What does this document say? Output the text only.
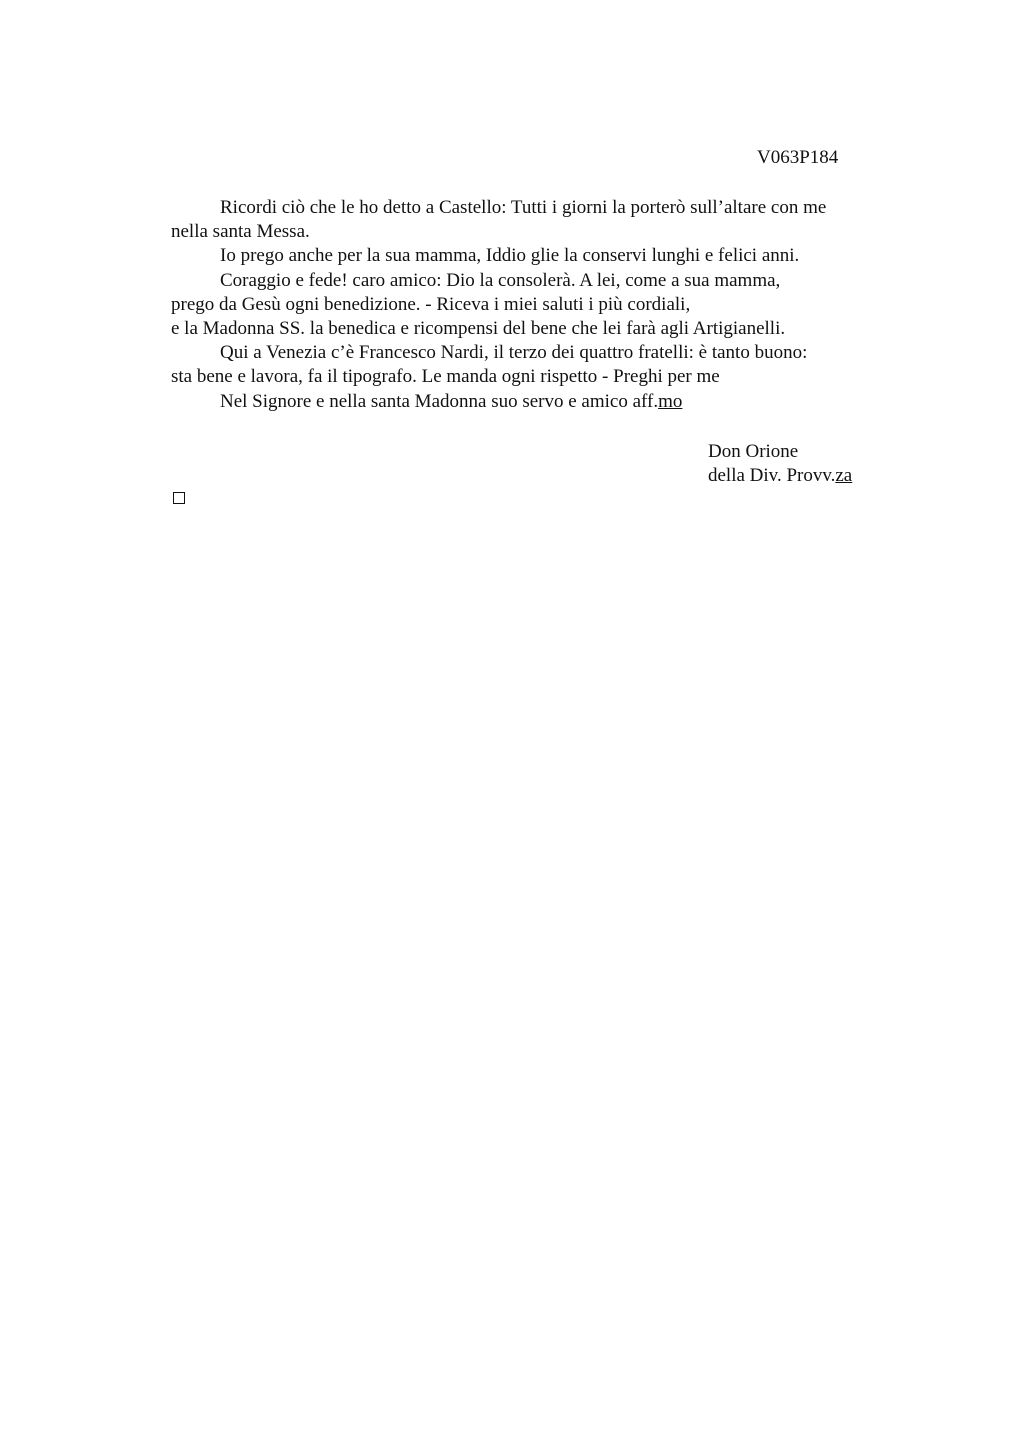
V063P184
Ricordi ciò che le ho detto a Castello: Tutti i giorni la porterò sull’altare con me
nella santa Messa.
Io prego anche per la sua mamma, Iddio glie la conservi lunghi e felici anni.
Coraggio e fede! caro amico: Dio la consolerà. A lei, come a sua mamma,
prego da Gesù ogni benedizione. - Riceva i miei saluti i più cordiali,
e la Madonna SS. la benedica e ricompensi del bene che lei farà agli Artigianelli.
Qui a Venezia c’è Francesco Nardi, il terzo dei quattro fratelli: è tanto buono:
sta bene e lavora, fa il tipografo. Le manda ogni rispetto - Preghi per me
Nel Signore e nella santa Madonna suo servo e amico aff.mo
Don Orione
della Div. Provv.za
